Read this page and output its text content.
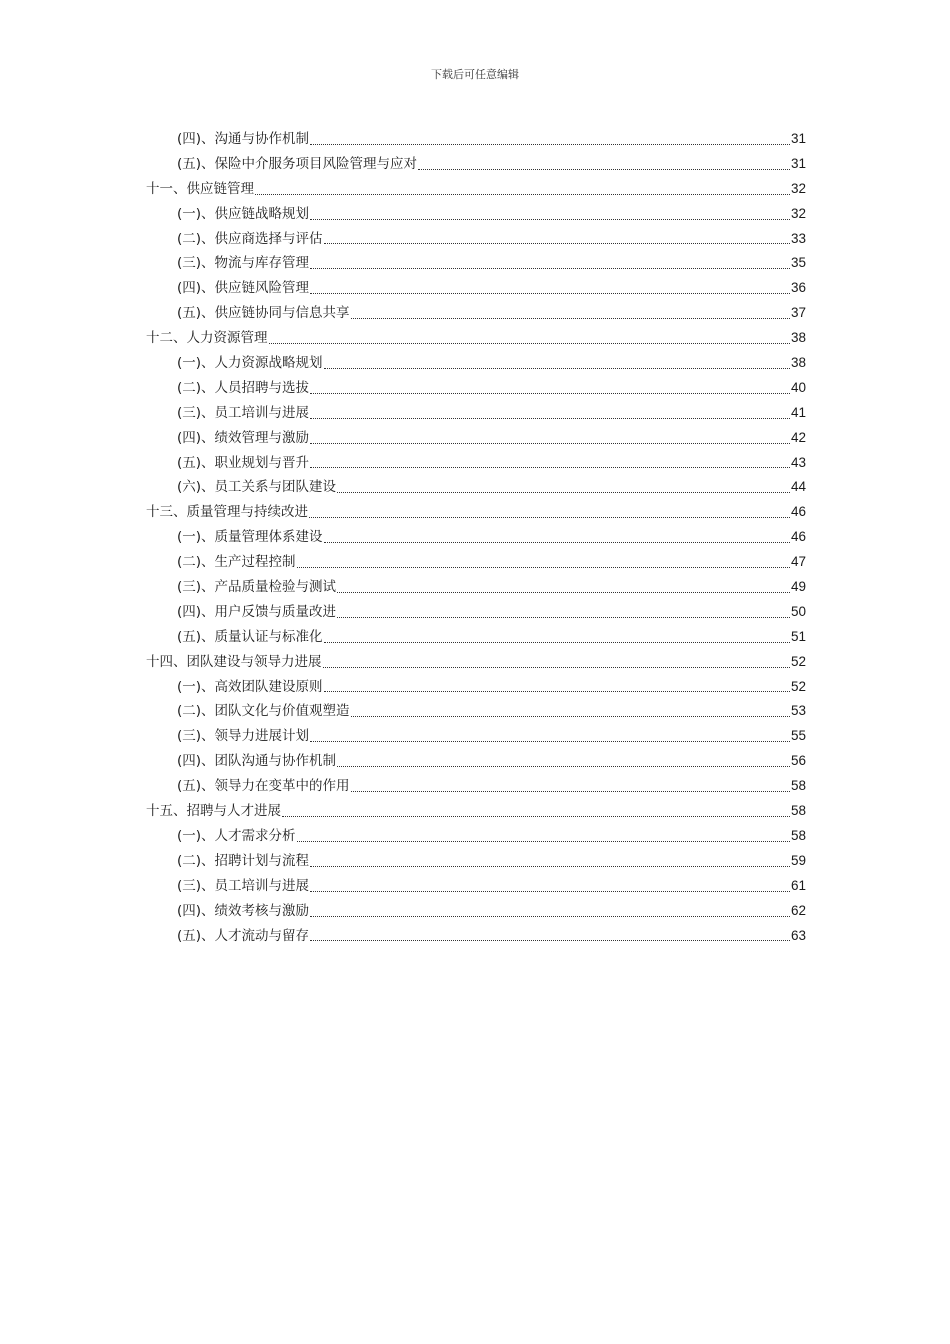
下载后可任意编辑
(四)、沟通与协作机制	31
(五)、保险中介服务项目风险管理与应对	31
十一、供应链管理	32
(一)、供应链战略规划	32
(二)、供应商选择与评估	33
(三)、物流与库存管理	35
(四)、供应链风险管理	36
(五)、供应链协同与信息共享	37
十二、人力资源管理	38
(一)、人力资源战略规划	38
(二)、人员招聘与选拔	40
(三)、员工培训与进展	41
(四)、绩效管理与激励	42
(五)、职业规划与晋升	43
(六)、员工关系与团队建设	44
十三、质量管理与持续改进	46
(一)、质量管理体系建设	46
(二)、生产过程控制	47
(三)、产品质量检验与测试	49
(四)、用户反馈与质量改进	50
(五)、质量认证与标准化	51
十四、团队建设与领导力进展	52
(一)、高效团队建设原则	52
(二)、团队文化与价值观塑造	53
(三)、领导力进展计划	55
(四)、团队沟通与协作机制	56
(五)、领导力在变革中的作用	58
十五、招聘与人才进展	58
(一)、人才需求分析	58
(二)、招聘计划与流程	59
(三)、员工培训与进展	61
(四)、绩效考核与激励	62
(五)、人才流动与留存	63
